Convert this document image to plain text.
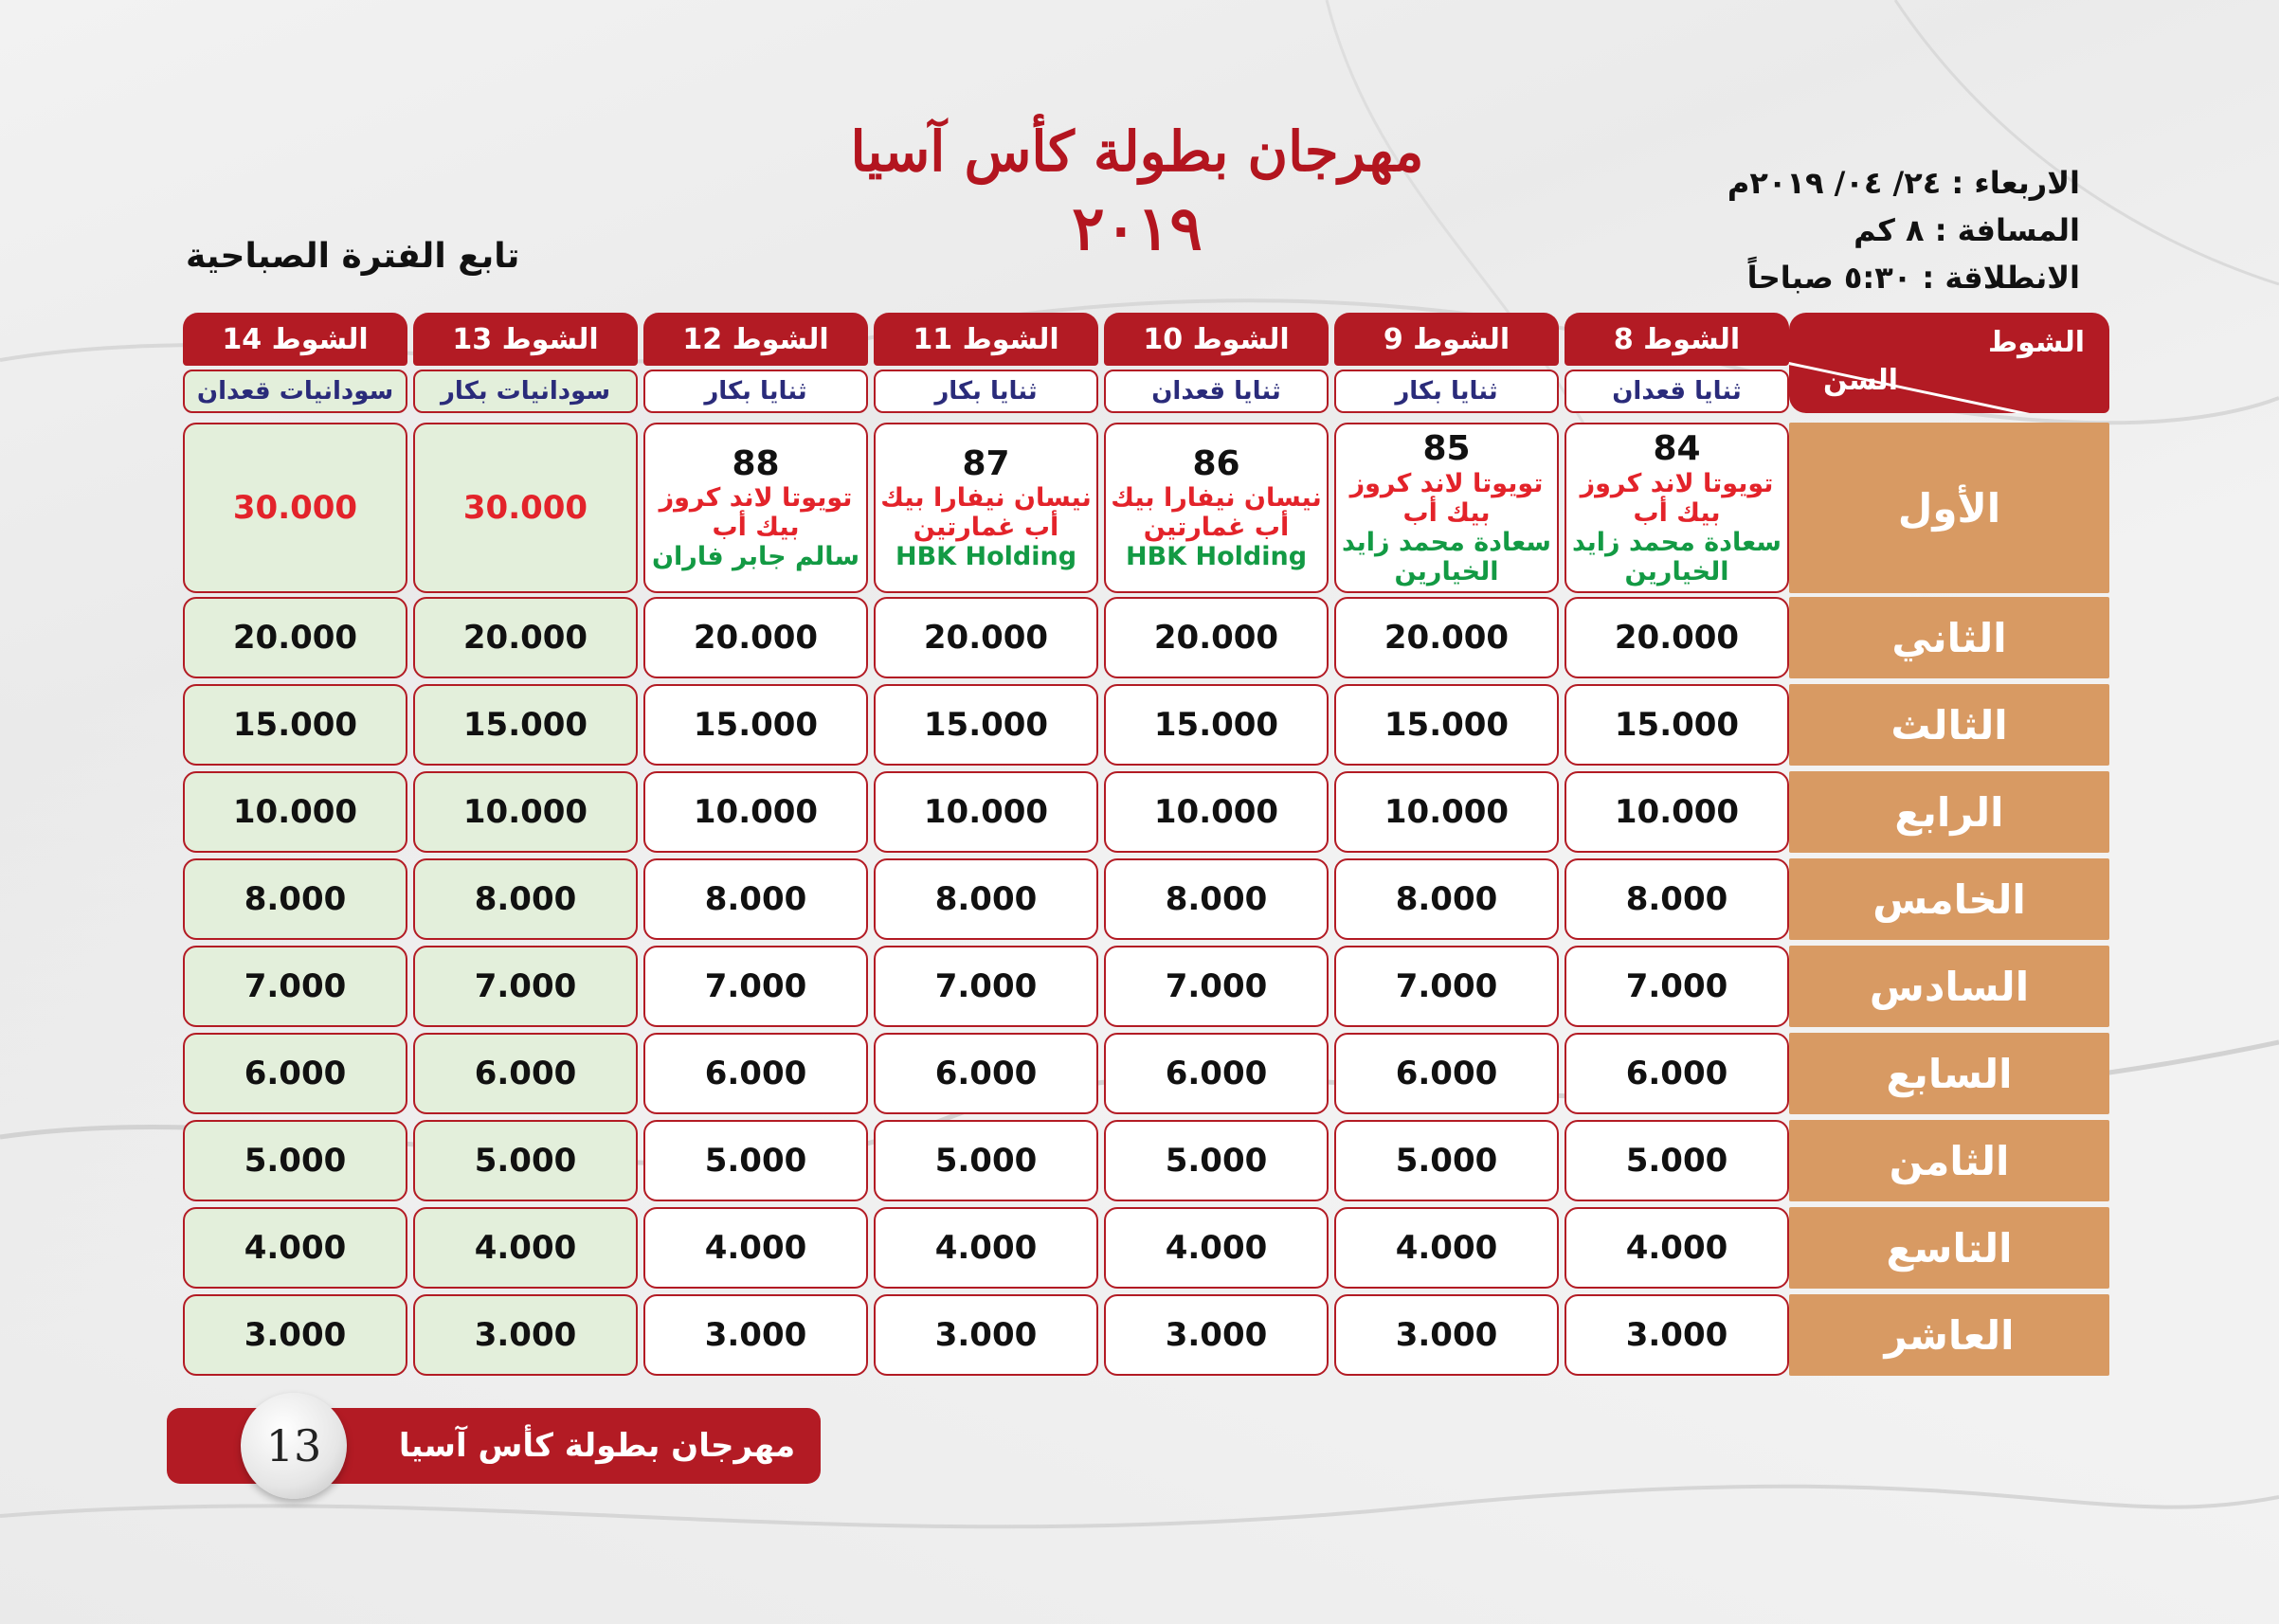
مهرجان بطولة كأس آسيا
٢٠١٩
الاربعاء : ٢٤/ ٠٤/ ٢٠١٩م
المسافة : ٨ كم
الانطلاقة : ٥:٣٠ صباحاً
تابع الفترة الصباحية
الشوط
السن
الشوط 8
ثنايا قعدان
84
تويوتا لاند كروز بيك أب
سعادة محمد زايد الخيارين
20.000
15.000
10.000
8.000
7.000
6.000
5.000
4.000
3.000
الشوط 9
ثنايا بكار
85
تويوتا لاند كروز بيك أب
سعادة محمد زايد الخيارين
20.000
15.000
10.000
8.000
7.000
6.000
5.000
4.000
3.000
الشوط 10
ثنايا قعدان
86
نيسان نيفارا بيك أب غمارتين
HBK Holding
20.000
15.000
10.000
8.000
7.000
6.000
5.000
4.000
3.000
الشوط 11
ثنايا بكار
87
نيسان نيفارا بيك أب غمارتين
HBK Holding
20.000
15.000
10.000
8.000
7.000
6.000
5.000
4.000
3.000
الشوط 12
ثنايا بكار
88
تويوتا لاند كروز بيك أب
سالم جابر فاران
20.000
15.000
10.000
8.000
7.000
6.000
5.000
4.000
3.000
الشوط 13
سودانيات بكار
30.000
20.000
15.000
10.000
8.000
7.000
6.000
5.000
4.000
3.000
الشوط 14
سودانيات قعدان
30.000
20.000
15.000
10.000
8.000
7.000
6.000
5.000
4.000
3.000
الأول
الثاني
الثالث
الرابع
الخامس
السادس
السابع
الثامن
التاسع
العاشر
مهرجان بطولة كأس آسيا
13
